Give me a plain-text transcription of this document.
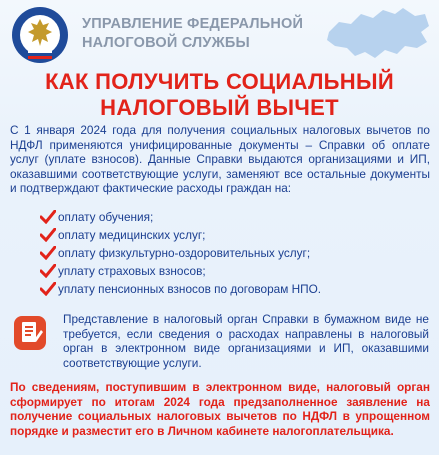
УПРАВЛЕНИЕ ФЕДЕРАЛЬНОЙ НАЛОГОВОЙ СЛУЖБЫ
КАК ПОЛУЧИТЬ СОЦИАЛЬНЫЙ
НАЛОГОВЫЙ ВЫЧЕТ
С 1 января 2024 года для получения социальных налоговых вычетов по НДФЛ применяются унифицированные документы – Справки об оплате услуг (уплате взносов). Данные Справки выдаются организациями и ИП, оказавшими соответствующие услуги, заменяют все остальные документы и подтверждают фактические расходы граждан на:
оплату обучения;
оплату медицинских услуг;
оплату физкультурно-оздоровительных услуг;
уплату страховых взносов;
уплату пенсионных взносов по договорам НПО.
Представление в налоговый орган Справки в бумажном виде не требуется, если сведения о расходах направлены в налоговый орган в электронном виде организациями и ИП, оказавшими соответствующие услуги.
По сведениям, поступившим в электронном виде, налоговый орган сформирует по итогам 2024 года предзаполненное заявление на получение социальных налоговых вычетов по НДФЛ в упрощенном порядке и разместит его в Личном кабинете налогоплательщика.
